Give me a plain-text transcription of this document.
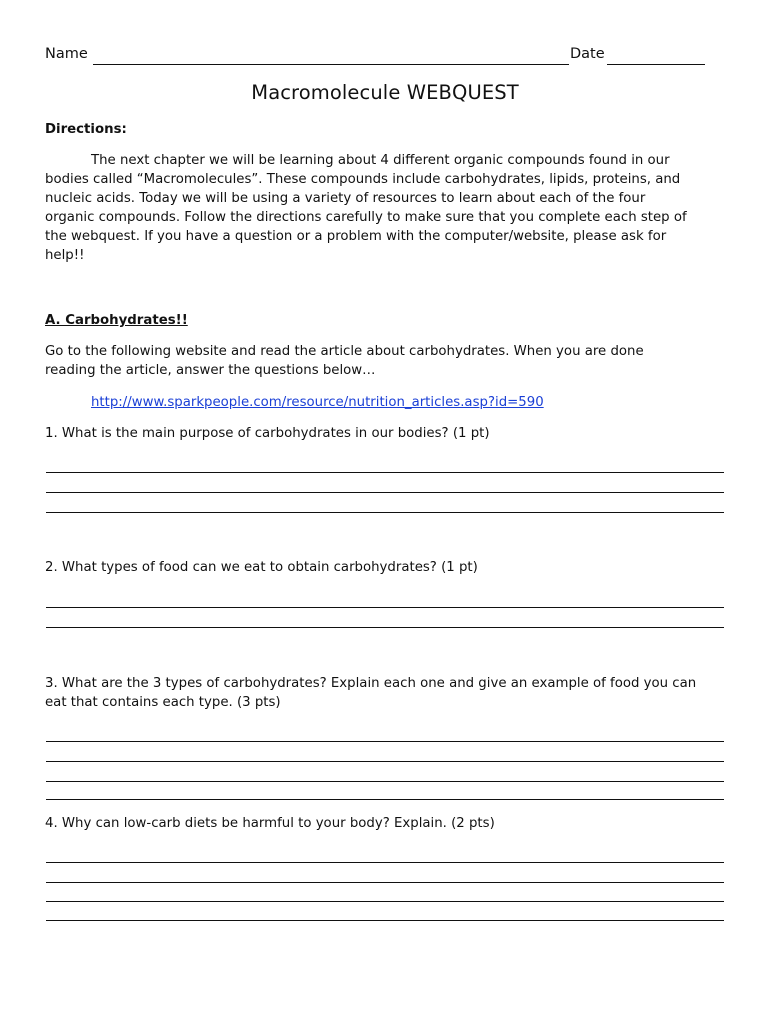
Name	Date
Macromolecule WEBQUEST
Directions:
The next chapter we will be learning about 4 different organic compounds found in our
bodies called “Macromolecules”. These compounds include carbohydrates, lipids, proteins, and
nucleic acids. Today we will be using a variety of resources to learn about each of the four
organic compounds. Follow the directions carefully to make sure that you complete each step of
the webquest. If you have a question or a problem with the computer/website, please ask for
help!!
A. Carbohydrates!!
Go to the following website and read the article about carbohydrates. When you are done
reading the article, answer the questions below…
http://www.sparkpeople.com/resource/nutrition_articles.asp?id=590
1. What is the main purpose of carbohydrates in our bodies? (1 pt)
2. What types of food can we eat to obtain carbohydrates? (1 pt)
3. What are the 3 types of carbohydrates? Explain each one and give an example of food you can
eat that contains each type. (3 pts)
4. Why can low-carb diets be harmful to your body? Explain. (2 pts)
